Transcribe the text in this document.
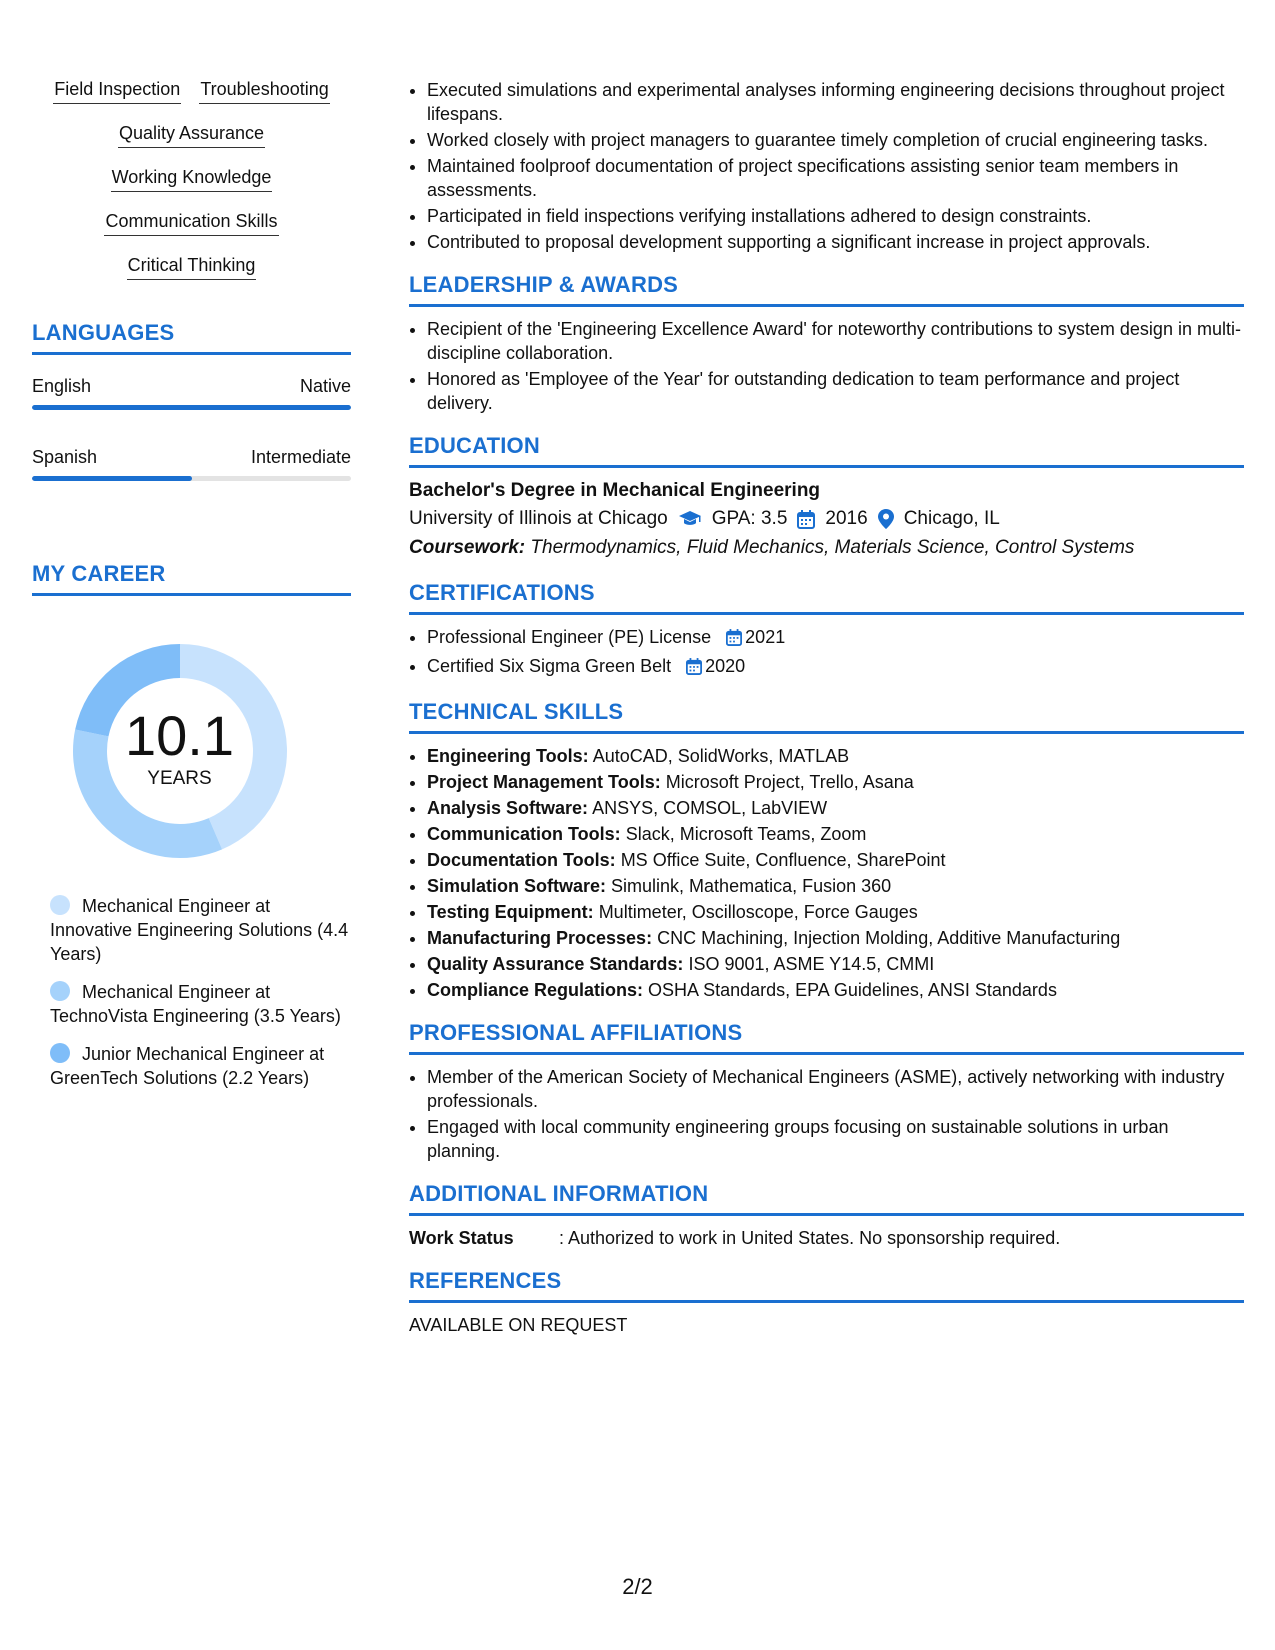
Field Inspection Troubleshooting
Quality Assurance
Working Knowledge
Communication Skills
Critical Thinking
LANGUAGES
English	Native
Spanish	Intermediate
MY CAREER
10.1
YEARS
Mechanical Engineer at Innovative Engineering Solutions (4.4 Years)
Mechanical Engineer at TechnoVista Engineering (3.5 Years)
Junior Mechanical Engineer at GreenTech Solutions (2.2 Years)
• Executed simulations and experimental analyses informing engineering decisions throughout project lifespans.
• Worked closely with project managers to guarantee timely completion of crucial engineering tasks.
• Maintained foolproof documentation of project specifications assisting senior team members in assessments.
• Participated in field inspections verifying installations adhered to design constraints.
• Contributed to proposal development supporting a significant increase in project approvals.
LEADERSHIP & AWARDS
• Recipient of the 'Engineering Excellence Award' for noteworthy contributions to system design in multi-discipline collaboration.
• Honored as 'Employee of the Year' for outstanding dedication to team performance and project delivery.
EDUCATION
Bachelor's Degree in Mechanical Engineering
University of Illinois at Chicago GPA: 3.5 2016 Chicago, IL
Coursework: Thermodynamics, Fluid Mechanics, Materials Science, Control Systems
CERTIFICATIONS
• Professional Engineer (PE) License 2021
• Certified Six Sigma Green Belt 2020
TECHNICAL SKILLS
• Engineering Tools: AutoCAD, SolidWorks, MATLAB
• Project Management Tools: Microsoft Project, Trello, Asana
• Analysis Software: ANSYS, COMSOL, LabVIEW
• Communication Tools: Slack, Microsoft Teams, Zoom
• Documentation Tools: MS Office Suite, Confluence, SharePoint
• Simulation Software: Simulink, Mathematica, Fusion 360
• Testing Equipment: Multimeter, Oscilloscope, Force Gauges
• Manufacturing Processes: CNC Machining, Injection Molding, Additive Manufacturing
• Quality Assurance Standards: ISO 9001, ASME Y14.5, CMMI
• Compliance Regulations: OSHA Standards, EPA Guidelines, ANSI Standards
PROFESSIONAL AFFILIATIONS
• Member of the American Society of Mechanical Engineers (ASME), actively networking with industry professionals.
• Engaged with local community engineering groups focusing on sustainable solutions in urban planning.
ADDITIONAL INFORMATION
Work Status	: Authorized to work in United States. No sponsorship required.
REFERENCES
AVAILABLE ON REQUEST
2/2
